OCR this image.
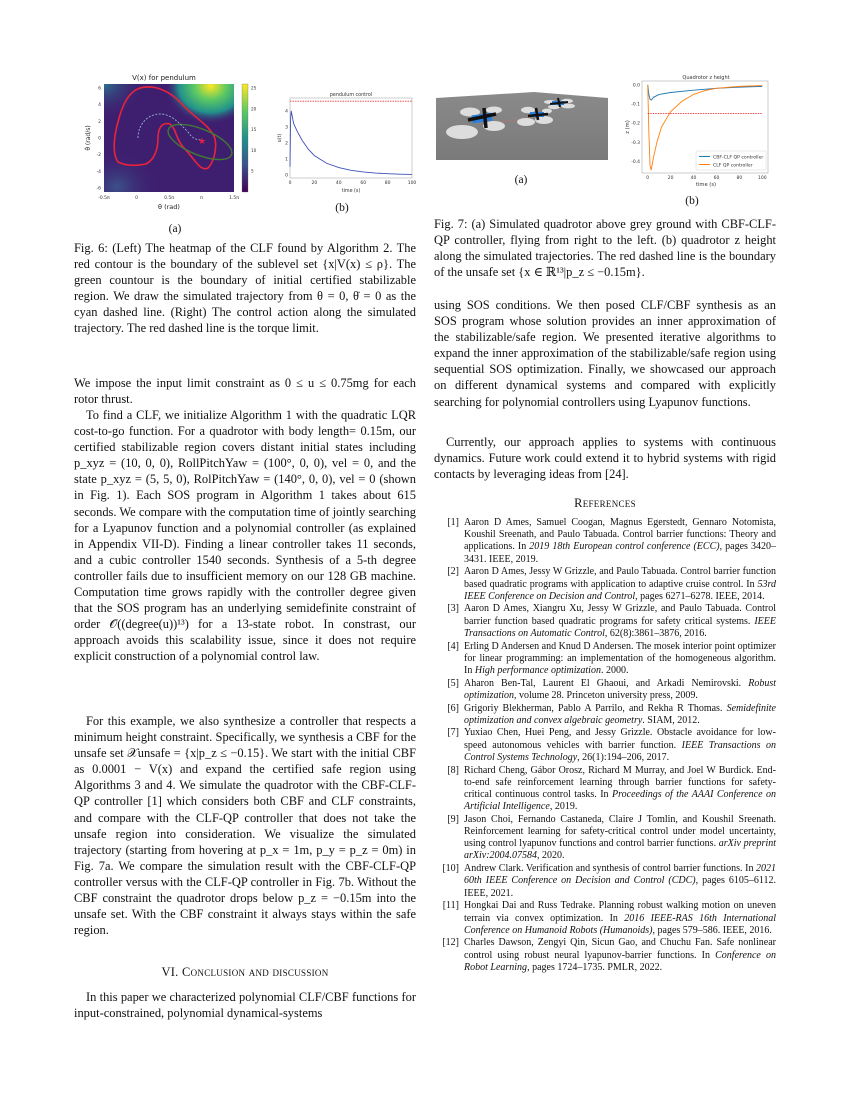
V(x) for pendulum
★
6
4
2
0
-2
-4
-6
-0.5π	0	0.5π	π	1.5π
5
10
15
20
25
θ (rad)
θ̇ (rad/s)
(a)
pendulum control
0	20	40	60	80	100
0
1
2
3
4
time (s)
u(t)
(b)
(a)
Quadrotor z height
0	20	40	60	80	100
0.0
-0.1
-0.2
-0.3
-0.4
CBF-CLF QP controller
CLF QP controller
time (s)
z (m)
(b)
Fig. 6: (Left) The heatmap of the CLF found by Algorithm 2. The red contour is the boundary of the sublevel set {x|V(x) ≤ ρ}. The green countour is the boundary of initial certified stabilizable region. We draw the simulated trajectory from θ = 0, θ̇ = 0 as the cyan dashed line. (Right) The control action along the simulated trajectory. The red dashed line is the torque limit.
Fig. 7: (a) Simulated quadrotor above grey ground with CBF-CLF-QP controller, flying from right to the left. (b) quadrotor z height along the simulated trajectories. The red dashed line is the boundary of the unsafe set {x ∈ ℝ¹³|p_z ≤ −0.15m}.
We impose the input limit constraint as 0 ≤ u ≤ 0.75mg for each rotor thrust.
To find a CLF, we initialize Algorithm 1 with the quadratic LQR cost-to-go function. For a quadrotor with body length= 0.15m, our certified stabilizable region covers distant initial states including p_xyz = (10, 0, 0), RollPitchYaw = (100°, 0, 0), vel = 0, and the state p_xyz = (5, 5, 0), RolPitchYaw = (140°, 0, 0), vel = 0 (shown in Fig. 1). Each SOS program in Algorithm 1 takes about 615 seconds. We compare with the computation time of jointly searching for a Lyapunov function and a polynomial controller (as explained in Appendix VII-D). Finding a linear controller takes 11 seconds, and a cubic controller 1540 seconds. Synthesis of a 5-th degree controller fails due to insufficient memory on our 128 GB machine. Computation time grows rapidly with the controller degree given that the SOS program has an underlying semidefinite constraint of order 𝒪((degree(u))¹³) for a 13-state robot. In constrast, our approach avoids this scalability issue, since it does not require explicit construction of a polynomial control law.
For this example, we also synthesize a controller that respects a minimum height constraint. Specifically, we synthesis a CBF for the unsafe set 𝒳unsafe = {x|p_z ≤ −0.15}. We start with the initial CBF as 0.0001 − V(x) and expand the certified safe region using Algorithms 3 and 4. We simulate the quadrotor with the CBF-CLF-QP controller [1] which considers both CBF and CLF constraints, and compare with the CLF-QP controller that does not take the unsafe region into consideration. We visualize the simulated trajectory (starting from hovering at p_x = 1m, p_y = p_z = 0m) in Fig. 7a. We compare the simulation result with the CBF-CLF-QP controller versus with the CLF-QP controller in Fig. 7b. Without the CBF constraint the quadrotor drops below p_z = −0.15m into the unsafe set. With the CBF constraint it always stays within the safe region.
VI. Conclusion and discussion
In this paper we characterized polynomial CLF/CBF functions for input-constrained, polynomial dynamical-systems
using SOS conditions. We then posed CLF/CBF synthesis as an SOS program whose solution provides an inner approximation of the stabilizable/safe region. We presented iterative algorithms to expand the inner approximation of the stabilizable/safe region using sequential SOS optimization. Finally, we showcased our approach on different dynamical systems and compared with explicitly searching for polynomial controllers using Lyapunov functions.
Currently, our approach applies to systems with continuous dynamics. Future work could extend it to hybrid systems with rigid contacts by leveraging ideas from [24].
References
[1] Aaron D Ames, Samuel Coogan, Magnus Egerstedt, Gennaro Notomista, Koushil Sreenath, and Paulo Tabuada. Control barrier functions: Theory and applications. In 2019 18th European control conference (ECC), pages 3420–3431. IEEE, 2019.
[2] Aaron D Ames, Jessy W Grizzle, and Paulo Tabuada. Control barrier function based quadratic programs with application to adaptive cruise control. In 53rd IEEE Conference on Decision and Control, pages 6271–6278. IEEE, 2014.
[3] Aaron D Ames, Xiangru Xu, Jessy W Grizzle, and Paulo Tabuada. Control barrier function based quadratic programs for safety critical systems. IEEE Transactions on Automatic Control, 62(8):3861–3876, 2016.
[4] Erling D Andersen and Knud D Andersen. The mosek interior point optimizer for linear programming: an implementation of the homogeneous algorithm. In High performance optimization. 2000.
[5] Aharon Ben-Tal, Laurent El Ghaoui, and Arkadi Nemirovski. Robust optimization, volume 28. Princeton university press, 2009.
[6] Grigoriy Blekherman, Pablo A Parrilo, and Rekha R Thomas. Semidefinite optimization and convex algebraic geometry. SIAM, 2012.
[7] Yuxiao Chen, Huei Peng, and Jessy Grizzle. Obstacle avoidance for low-speed autonomous vehicles with barrier function. IEEE Transactions on Control Systems Technology, 26(1):194–206, 2017.
[8] Richard Cheng, Gábor Orosz, Richard M Murray, and Joel W Burdick. End-to-end safe reinforcement learning through barrier functions for safety-critical continuous control tasks. In Proceedings of the AAAI Conference on Artificial Intelligence, 2019.
[9] Jason Choi, Fernando Castaneda, Claire J Tomlin, and Koushil Sreenath. Reinforcement learning for safety-critical control under model uncertainty, using control lyapunov functions and control barrier functions. arXiv preprint arXiv:2004.07584, 2020.
[10] Andrew Clark. Verification and synthesis of control barrier functions. In 2021 60th IEEE Conference on Decision and Control (CDC), pages 6105–6112. IEEE, 2021.
[11] Hongkai Dai and Russ Tedrake. Planning robust walking motion on uneven terrain via convex optimization. In 2016 IEEE-RAS 16th International Conference on Humanoid Robots (Humanoids), pages 579–586. IEEE, 2016.
[12] Charles Dawson, Zengyi Qin, Sicun Gao, and Chuchu Fan. Safe nonlinear control using robust neural lyapunov-barrier functions. In Conference on Robot Learning, pages 1724–1735. PMLR, 2022.
